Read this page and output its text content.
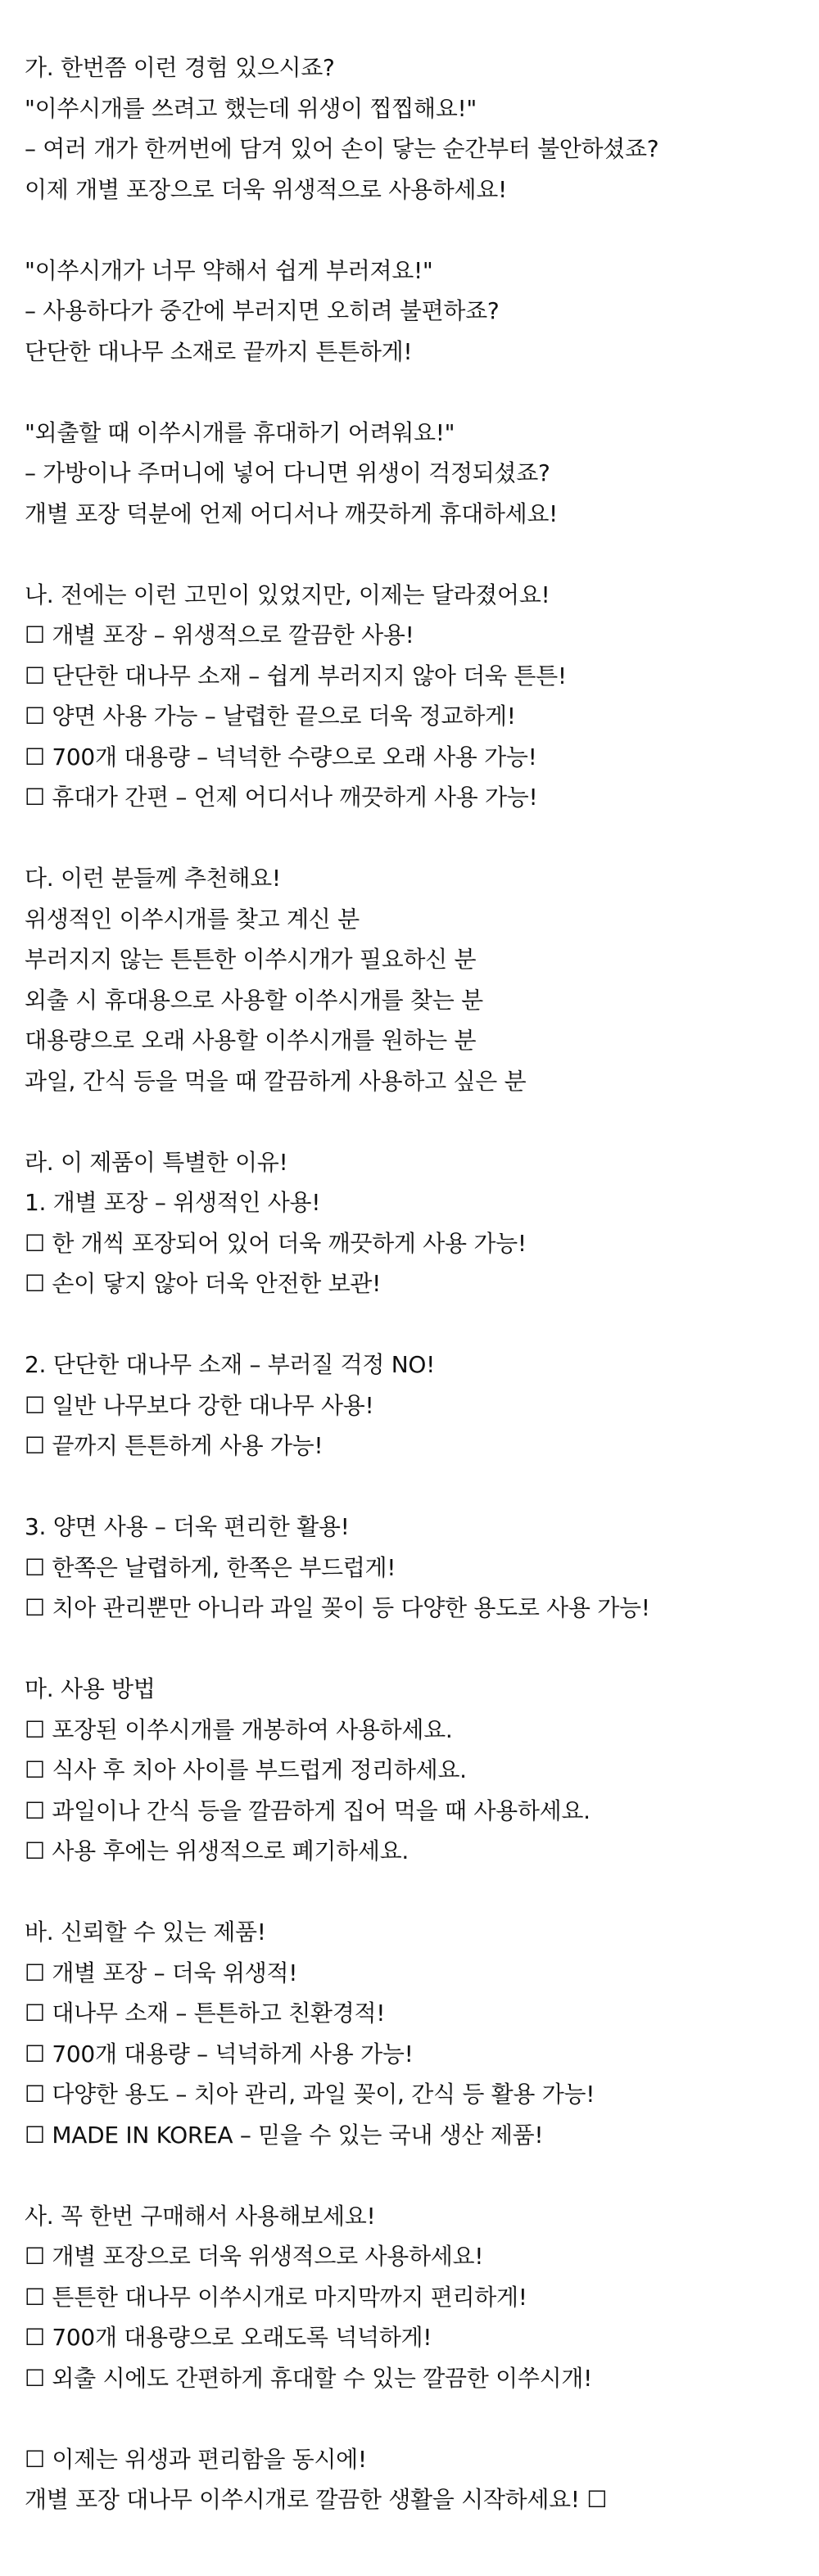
가. 한번쯤 이런 경험 있으시죠?
"이쑤시개를 쓰려고 했는데 위생이 찝찝해요!"
– 여러 개가 한꺼번에 담겨 있어 손이 닿는 순간부터 불안하셨죠?
이제 개별 포장으로 더욱 위생적으로 사용하세요!
"이쑤시개가 너무 약해서 쉽게 부러져요!"
– 사용하다가 중간에 부러지면 오히려 불편하죠?
단단한 대나무 소재로 끝까지 튼튼하게!
"외출할 때 이쑤시개를 휴대하기 어려워요!"
– 가방이나 주머니에 넣어 다니면 위생이 걱정되셨죠?
개별 포장 덕분에 언제 어디서나 깨끗하게 휴대하세요!
나. 전에는 이런 고민이 있었지만, 이제는 달라졌어요!
☐ 개별 포장 – 위생적으로 깔끔한 사용!
☐ 단단한 대나무 소재 – 쉽게 부러지지 않아 더욱 튼튼!
☐ 양면 사용 가능 – 날렵한 끝으로 더욱 정교하게!
☐ 700개 대용량 – 넉넉한 수량으로 오래 사용 가능!
☐ 휴대가 간편 – 언제 어디서나 깨끗하게 사용 가능!
다. 이런 분들께 추천해요!
위생적인 이쑤시개를 찾고 계신 분
부러지지 않는 튼튼한 이쑤시개가 필요하신 분
외출 시 휴대용으로 사용할 이쑤시개를 찾는 분
대용량으로 오래 사용할 이쑤시개를 원하는 분
과일, 간식 등을 먹을 때 깔끔하게 사용하고 싶은 분
라. 이 제품이 특별한 이유!
1. 개별 포장 – 위생적인 사용!
☐ 한 개씩 포장되어 있어 더욱 깨끗하게 사용 가능!
☐ 손이 닿지 않아 더욱 안전한 보관!
2. 단단한 대나무 소재 – 부러질 걱정 NO!
☐ 일반 나무보다 강한 대나무 사용!
☐ 끝까지 튼튼하게 사용 가능!
3. 양면 사용 – 더욱 편리한 활용!
☐ 한쪽은 날렵하게, 한쪽은 부드럽게!
☐ 치아 관리뿐만 아니라 과일 꽂이 등 다양한 용도로 사용 가능!
마. 사용 방법
☐ 포장된 이쑤시개를 개봉하여 사용하세요.
☐ 식사 후 치아 사이를 부드럽게 정리하세요.
☐ 과일이나 간식 등을 깔끔하게 집어 먹을 때 사용하세요.
☐ 사용 후에는 위생적으로 폐기하세요.
바. 신뢰할 수 있는 제품!
☐ 개별 포장 – 더욱 위생적!
☐ 대나무 소재 – 튼튼하고 친환경적!
☐ 700개 대용량 – 넉넉하게 사용 가능!
☐ 다양한 용도 – 치아 관리, 과일 꽂이, 간식 등 활용 가능!
☐ MADE IN KOREA – 믿을 수 있는 국내 생산 제품!
사. 꼭 한번 구매해서 사용해보세요!
☐ 개별 포장으로 더욱 위생적으로 사용하세요!
☐ 튼튼한 대나무 이쑤시개로 마지막까지 편리하게!
☐ 700개 대용량으로 오래도록 넉넉하게!
☐ 외출 시에도 간편하게 휴대할 수 있는 깔끔한 이쑤시개!
☐ 이제는 위생과 편리함을 동시에!
개별 포장 대나무 이쑤시개로 깔끔한 생활을 시작하세요! ☐
